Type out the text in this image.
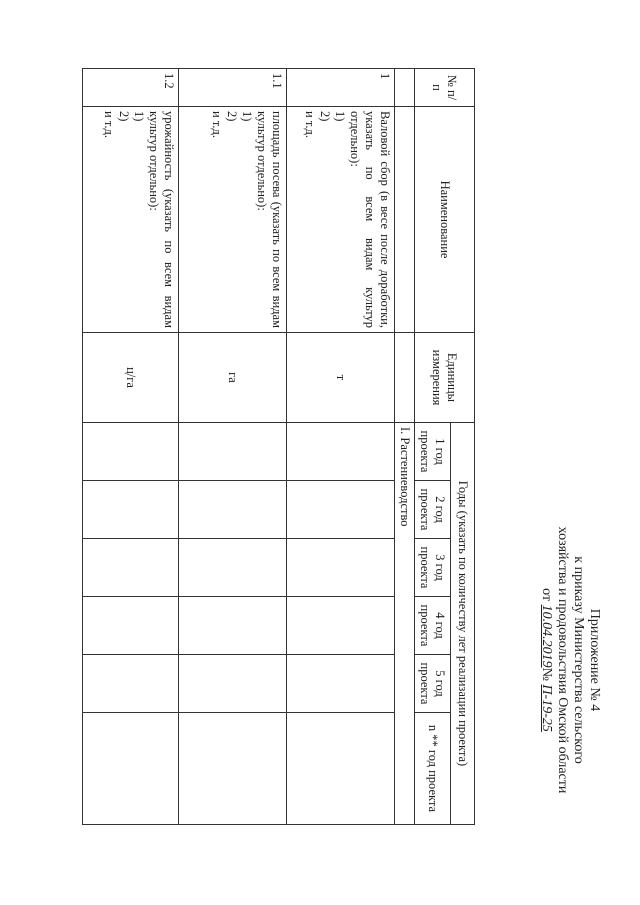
Приложение № 4
к приказу Министерства сельского
хозяйства и продовольствия Омской области
от 10.04.2019№ П-19-25
№ п/п	Наименование	Единицы измерения	Годы (указать по количеству лет реализации проекта)					
			1 год проекта	2 год проекта	3 год проекта	4 год проекта	5 год проекта	n ** год проекта
			I. Растениеводство					
1	Валовой сбор (в весе после доработки, указать по всем видам культур отдельно):
1)
2)
и т.д.	т						
1.1	площадь посева (указать по всем видам культур отдельно):
1)
2)
и т.д.	га						
1.2	урожайность (указать по всем видам культур отдельно):
1)
2)
и т.д.	ц/га						
